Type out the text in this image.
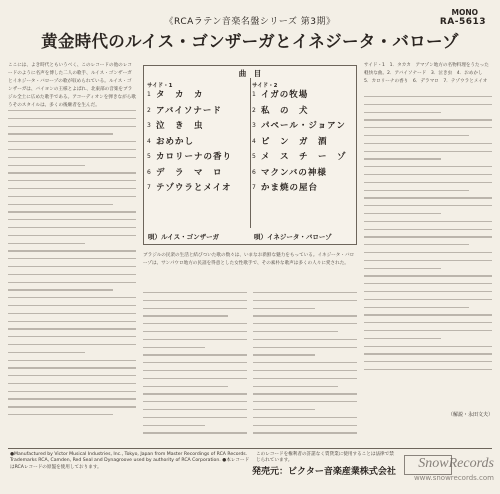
《RCAラテン音楽名盤シリーズ 第3期》
黄金時代のルイス・ゴンザーガとイネジータ・バローゾ
MONO
RA-5613
ここには、よき時代ともいうべく、このレコードの他のレコードのように名声を博した二人の歌手、ルイス・ゴンザーガとイネジータ・バローゾの歌が収められている。ルイス・ゴンザーガは、バイヨンの王様とよばれ、北東部の音楽をブラジル全土に広めた歌手である。アコーディオンを弾きながら歌うそのスタイルは、多くの後継者を生んだ。
曲　目
サイド・1
1 タ　カ　カ
2 アバイソナード
3 泣　き　虫
4 おめかし
5 カロリーナの香り
6 デ　ラ　マ　ロ
7 テゾウラとメイオ
サイド・2
1 イガの牧場
2 私　の　犬
3 パペール・ジョアン
4 ピ　ン　ガ　酒
5 メ　ス　チ　ー　ゾ
6 マクンバの神様
7 かま焼の屋台
唄）ルイス・ゴンザーガ	唄）イネジータ・バローゾ
ブラジルの民衆の生活と結びついた歌の数々は、いまなお新鮮な魅力をもっている。イネジータ・バローゾは、サンパウロ地方の民謡を得意とした女性歌手で、その素朴な歌声は多くの人々に愛された。
サイド・1　1．タカカ　アマゾン地方の名物料理をうたった軽快な曲。2．アバイソナード　3．泣き虫　4．おめかし　5．カロリーナの香り　6．デラマロ　7．テゾウラとメイオ
（解説・永田文夫）
●Manufactured by Victor Musical Industries, Inc., Tokyo, Japan from Master Recordings of RCA Records. Trademarks RCA, Camden, Red Seal and Dynagroove used by authority of RCA Corporation. ●本レコードはRCAレコードの原盤を使用しております。
このレコードを権利者の許諾なく賃貸業に使用することは法律で禁じられています。
発売元：ビクター音楽産業株式会社
SnowRecords
www.snowrecords.com
